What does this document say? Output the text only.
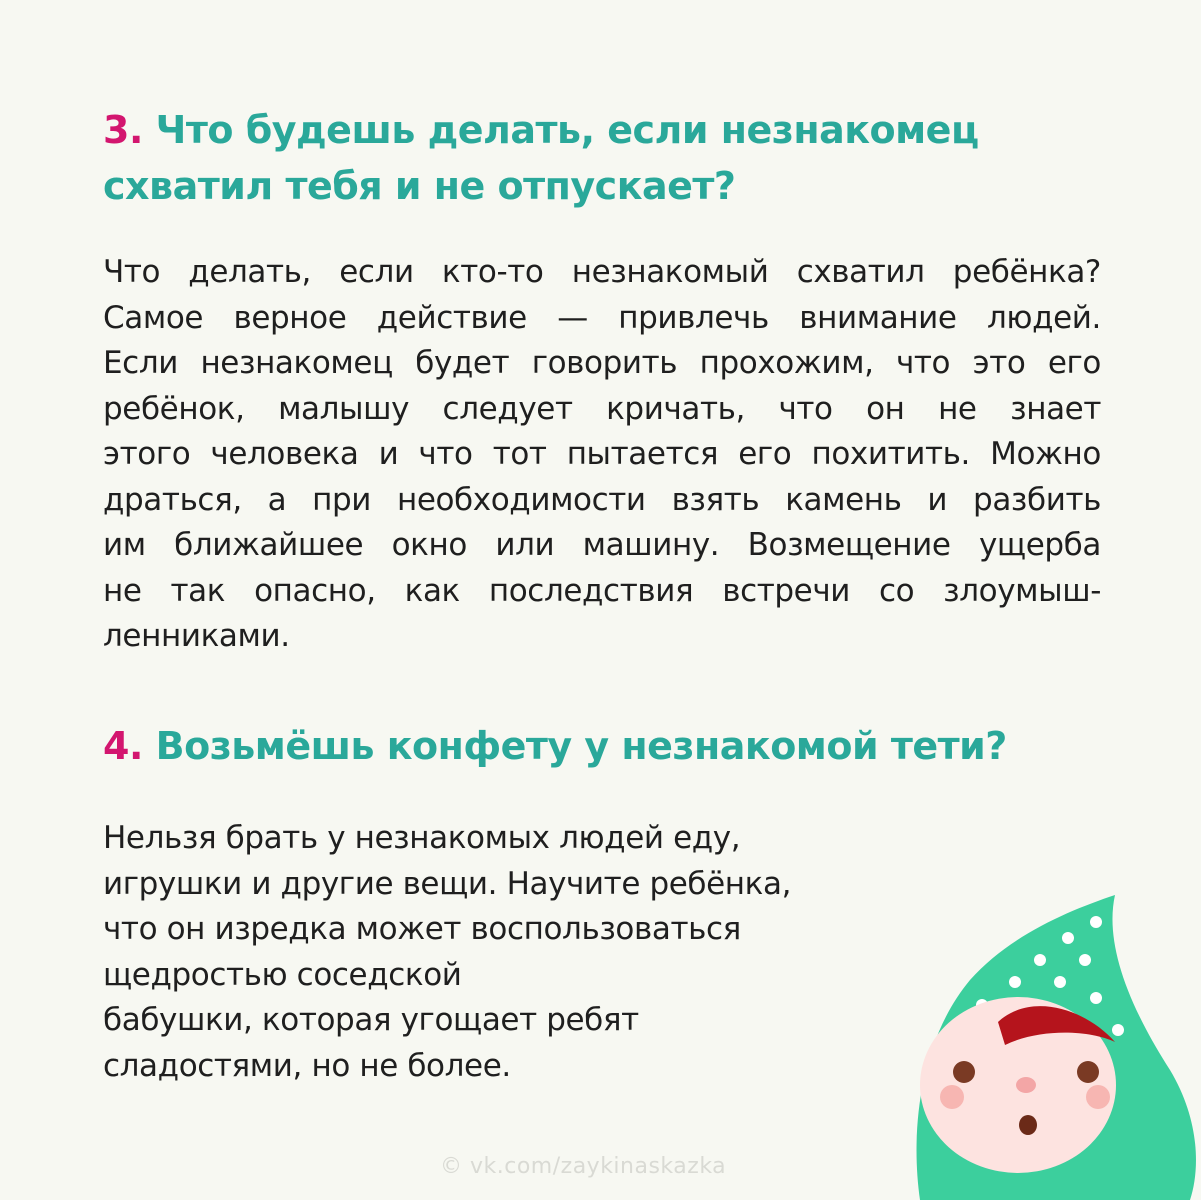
3. Что будешь делать, если незнакомец
схватил тебя и не отпускает?
Что делать, если кто-то незнакомый схватил ребёнка?
Самое верное действие — привлечь внимание людей.
Если незнакомец будет говорить прохожим, что это его
ребёнок, малышу следует кричать, что он не знает
этого человека и что тот пытается его похитить. Можно
драться, а при необходимости взять камень и разбить
им ближайшее окно или машину. Возмещение ущерба
не так опасно, как последствия встречи со злоумыш-
ленниками.
4. Возьмёшь конфету у незнакомой тети?
Нельзя брать у незнакомых людей еду,
игрушки и другие вещи. Научите ребёнка,
что он изредка может воспользоваться
щедростью соседской
бабушки, которая угощает ребят
сладостями, но не более.
© vk.com/zaykinaskazka
